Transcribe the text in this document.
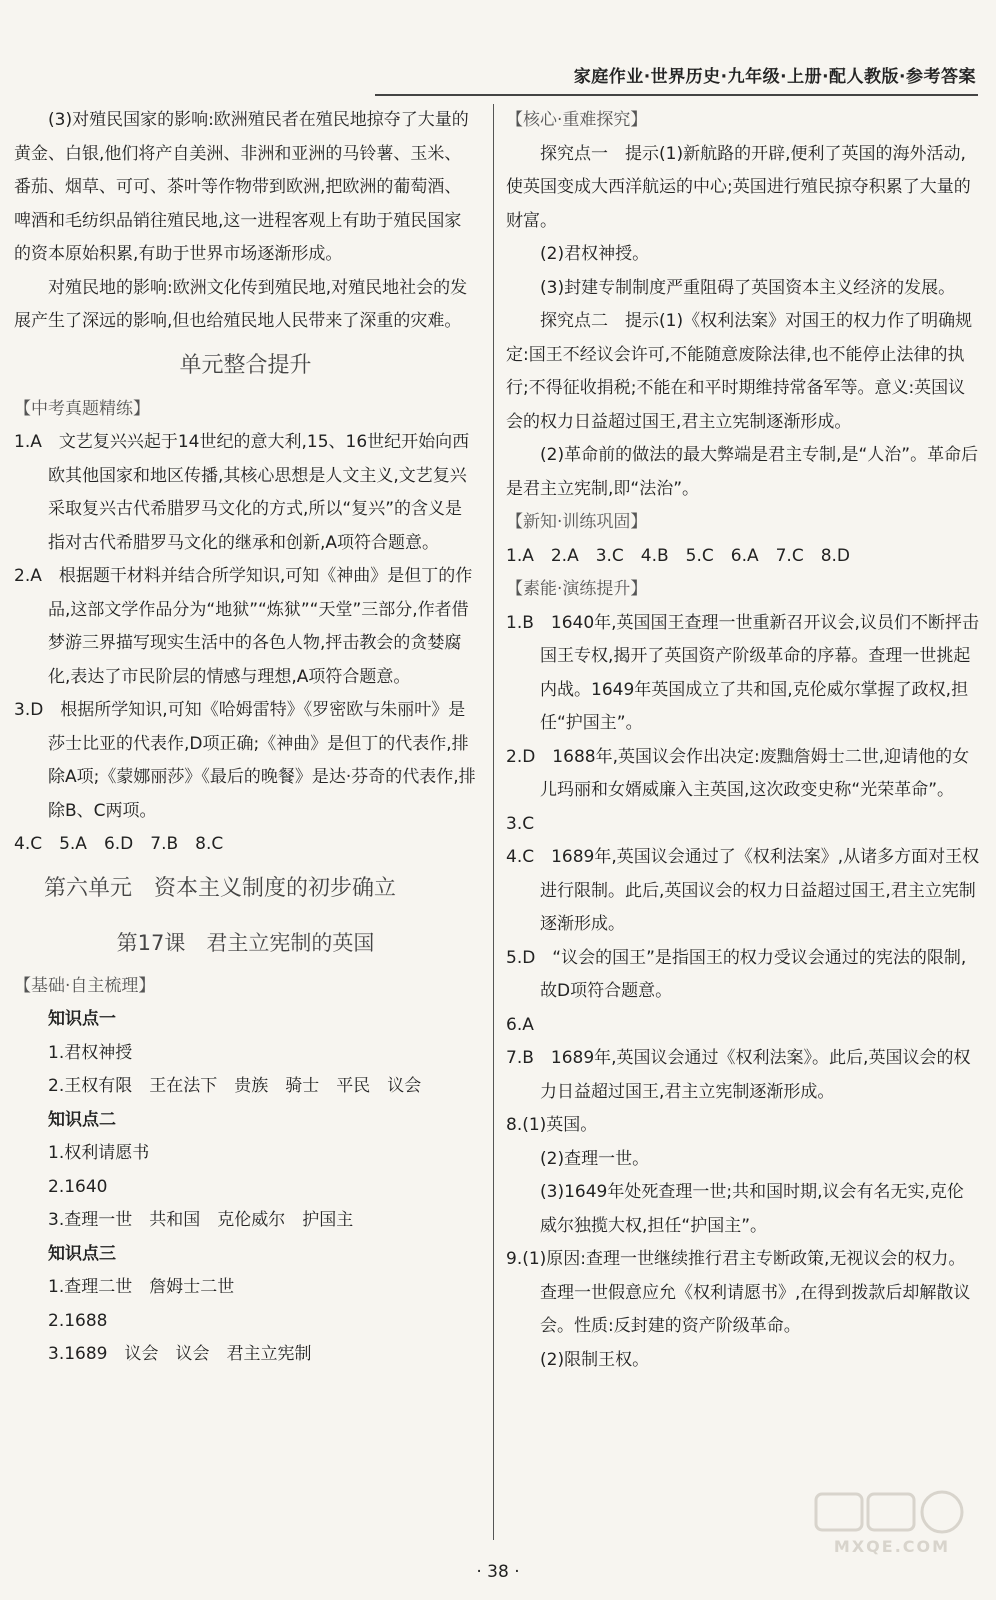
家庭作业·世界历史·九年级·上册·配人教版·参考答案

(3)对殖民国家的影响:欧洲殖民者在殖民地掠夺了大量的黄金、白银,他们将产自美洲、非洲和亚洲的马铃薯、玉米、番茄、烟草、可可、茶叶等作物带到欧洲,把欧洲的葡萄酒、啤酒和毛纺织品销往殖民地,这一进程客观上有助于殖民国家的资本原始积累,有助于世界市场逐渐形成。

对殖民地的影响:欧洲文化传到殖民地,对殖民地社会的发展产生了深远的影响,但也给殖民地人民带来了深重的灾难。

单元整合提升
【中考真题精练】

1.A　文艺复兴兴起于14世纪的意大利,15、16世纪开始向西欧其他国家和地区传播,其核心思想是人文主义,文艺复兴采取复兴古代希腊罗马文化的方式,所以“复兴”的含义是指对古代希腊罗马文化的继承和创新,A项符合题意。

2.A　根据题干材料并结合所学知识,可知《神曲》是但丁的作品,这部文学作品分为“地狱”“炼狱”“天堂”三部分,作者借梦游三界描写现实生活中的各色人物,抨击教会的贪婪腐化,表达了市民阶层的情感与理想,A项符合题意。

3.D　根据所学知识,可知《哈姆雷特》《罗密欧与朱丽叶》是莎士比亚的代表作,D项正确;《神曲》是但丁的代表作,排除A项;《蒙娜丽莎》《最后的晚餐》是达·芬奇的代表作,排除B、C两项。

4.C　5.A　6.D　7.B　8.C

第六单元　资本主义制度的初步确立
第17课　君主立宪制的英国
【基础·自主梳理】
知识点一
1.君权神授
2.王权有限　王在法下　贵族　骑士　平民　议会
知识点二
1.权利请愿书
2.1640
3.查理一世　共和国　克伦威尔　护国主
知识点三
1.查理二世　詹姆士二世
2.1688
3.1689　议会　议会　君主立宪制
【核心·重难探究】

探究点一　提示(1)新航路的开辟,便利了英国的海外活动,使英国变成大西洋航运的中心;英国进行殖民掠夺积累了大量的财富。

(2)君权神授。

(3)封建专制制度严重阻碍了英国资本主义经济的发展。

探究点二　提示(1)《权利法案》对国王的权力作了明确规定:国王不经议会许可,不能随意废除法律,也不能停止法律的执行;不得征收捐税;不能在和平时期维持常备军等。意义:英国议会的权力日益超过国王,君主立宪制逐渐形成。

(2)革命前的做法的最大弊端是君主专制,是“人治”。革命后是君主立宪制,即“法治”。

【新知·训练巩固】

1.A　2.A　3.C　4.B　5.C　6.A　7.C　8.D

【素能·演练提升】

1.B　1640年,英国国王查理一世重新召开议会,议员们不断抨击国王专权,揭开了英国资产阶级革命的序幕。查理一世挑起内战。1649年英国成立了共和国,克伦威尔掌握了政权,担任“护国主”。

2.D　1688年,英国议会作出决定:废黜詹姆士二世,迎请他的女儿玛丽和女婿威廉入主英国,这次政变史称“光荣革命”。

3.C

4.C　1689年,英国议会通过了《权利法案》,从诸多方面对王权进行限制。此后,英国议会的权力日益超过国王,君主立宪制逐渐形成。

5.D　“议会的国王”是指国王的权力受议会通过的宪法的限制,故D项符合题意。

6.A

7.B　1689年,英国议会通过《权利法案》。此后,英国议会的权力日益超过国王,君主立宪制逐渐形成。

8.(1)英国。

(2)查理一世。

(3)1649年处死查理一世;共和国时期,议会有名无实,克伦威尔独揽大权,担任“护国主”。

9.(1)原因:查理一世继续推行君主专断政策,无视议会的权力。查理一世假意应允《权利请愿书》,在得到拨款后却解散议会。性质:反封建的资产阶级革命。

(2)限制王权。

· 38 ·
MXQE.COM
